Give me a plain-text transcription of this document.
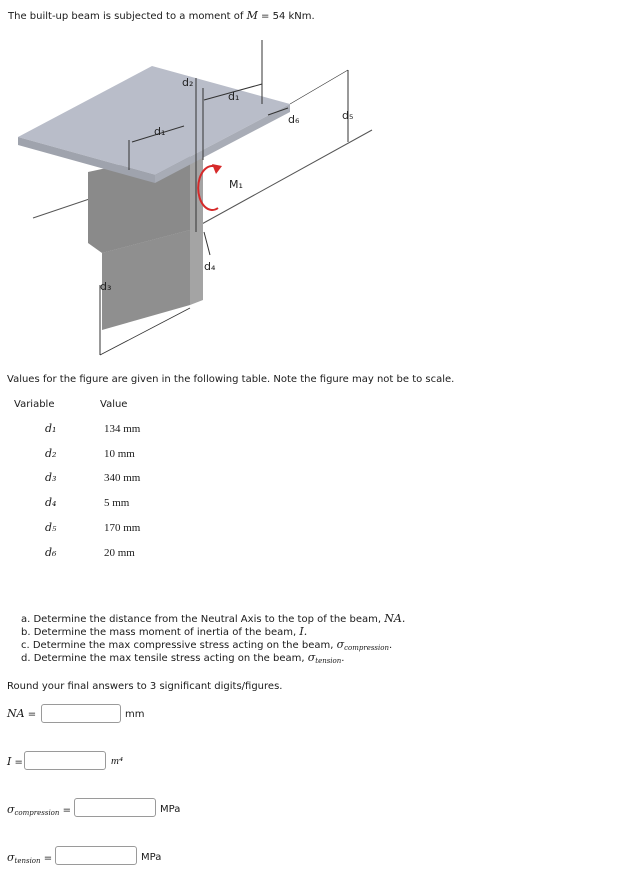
The built-up beam is subjected to a moment of M = 54 kNm.
d₂
d₁
d₁
d₆	d₅
M₁
d₄
d₃
Values for the figure are given in the following table. Note the figure may not be to scale.
Variable	Value
d₁	134 mm
d₂	10 mm
d₃	340 mm
d₄	5 mm
d₅	170 mm
d₆	20 mm
a. Determine the distance from the Neutral Axis to the top of the beam, NA.
b. Determine the mass moment of inertia of the beam, I.
c. Determine the max compressive stress acting on the beam, $\sigma_{compression}$.
d. Determine the max tensile stress acting on the beam, $\sigma_{tension}$.
Round your final answers to 3 significant digits/figures.
NA =	mm
I =	m⁴
$\sigma_{compression}$ =	MPa
$\sigma_{tension}$ =	MPa
